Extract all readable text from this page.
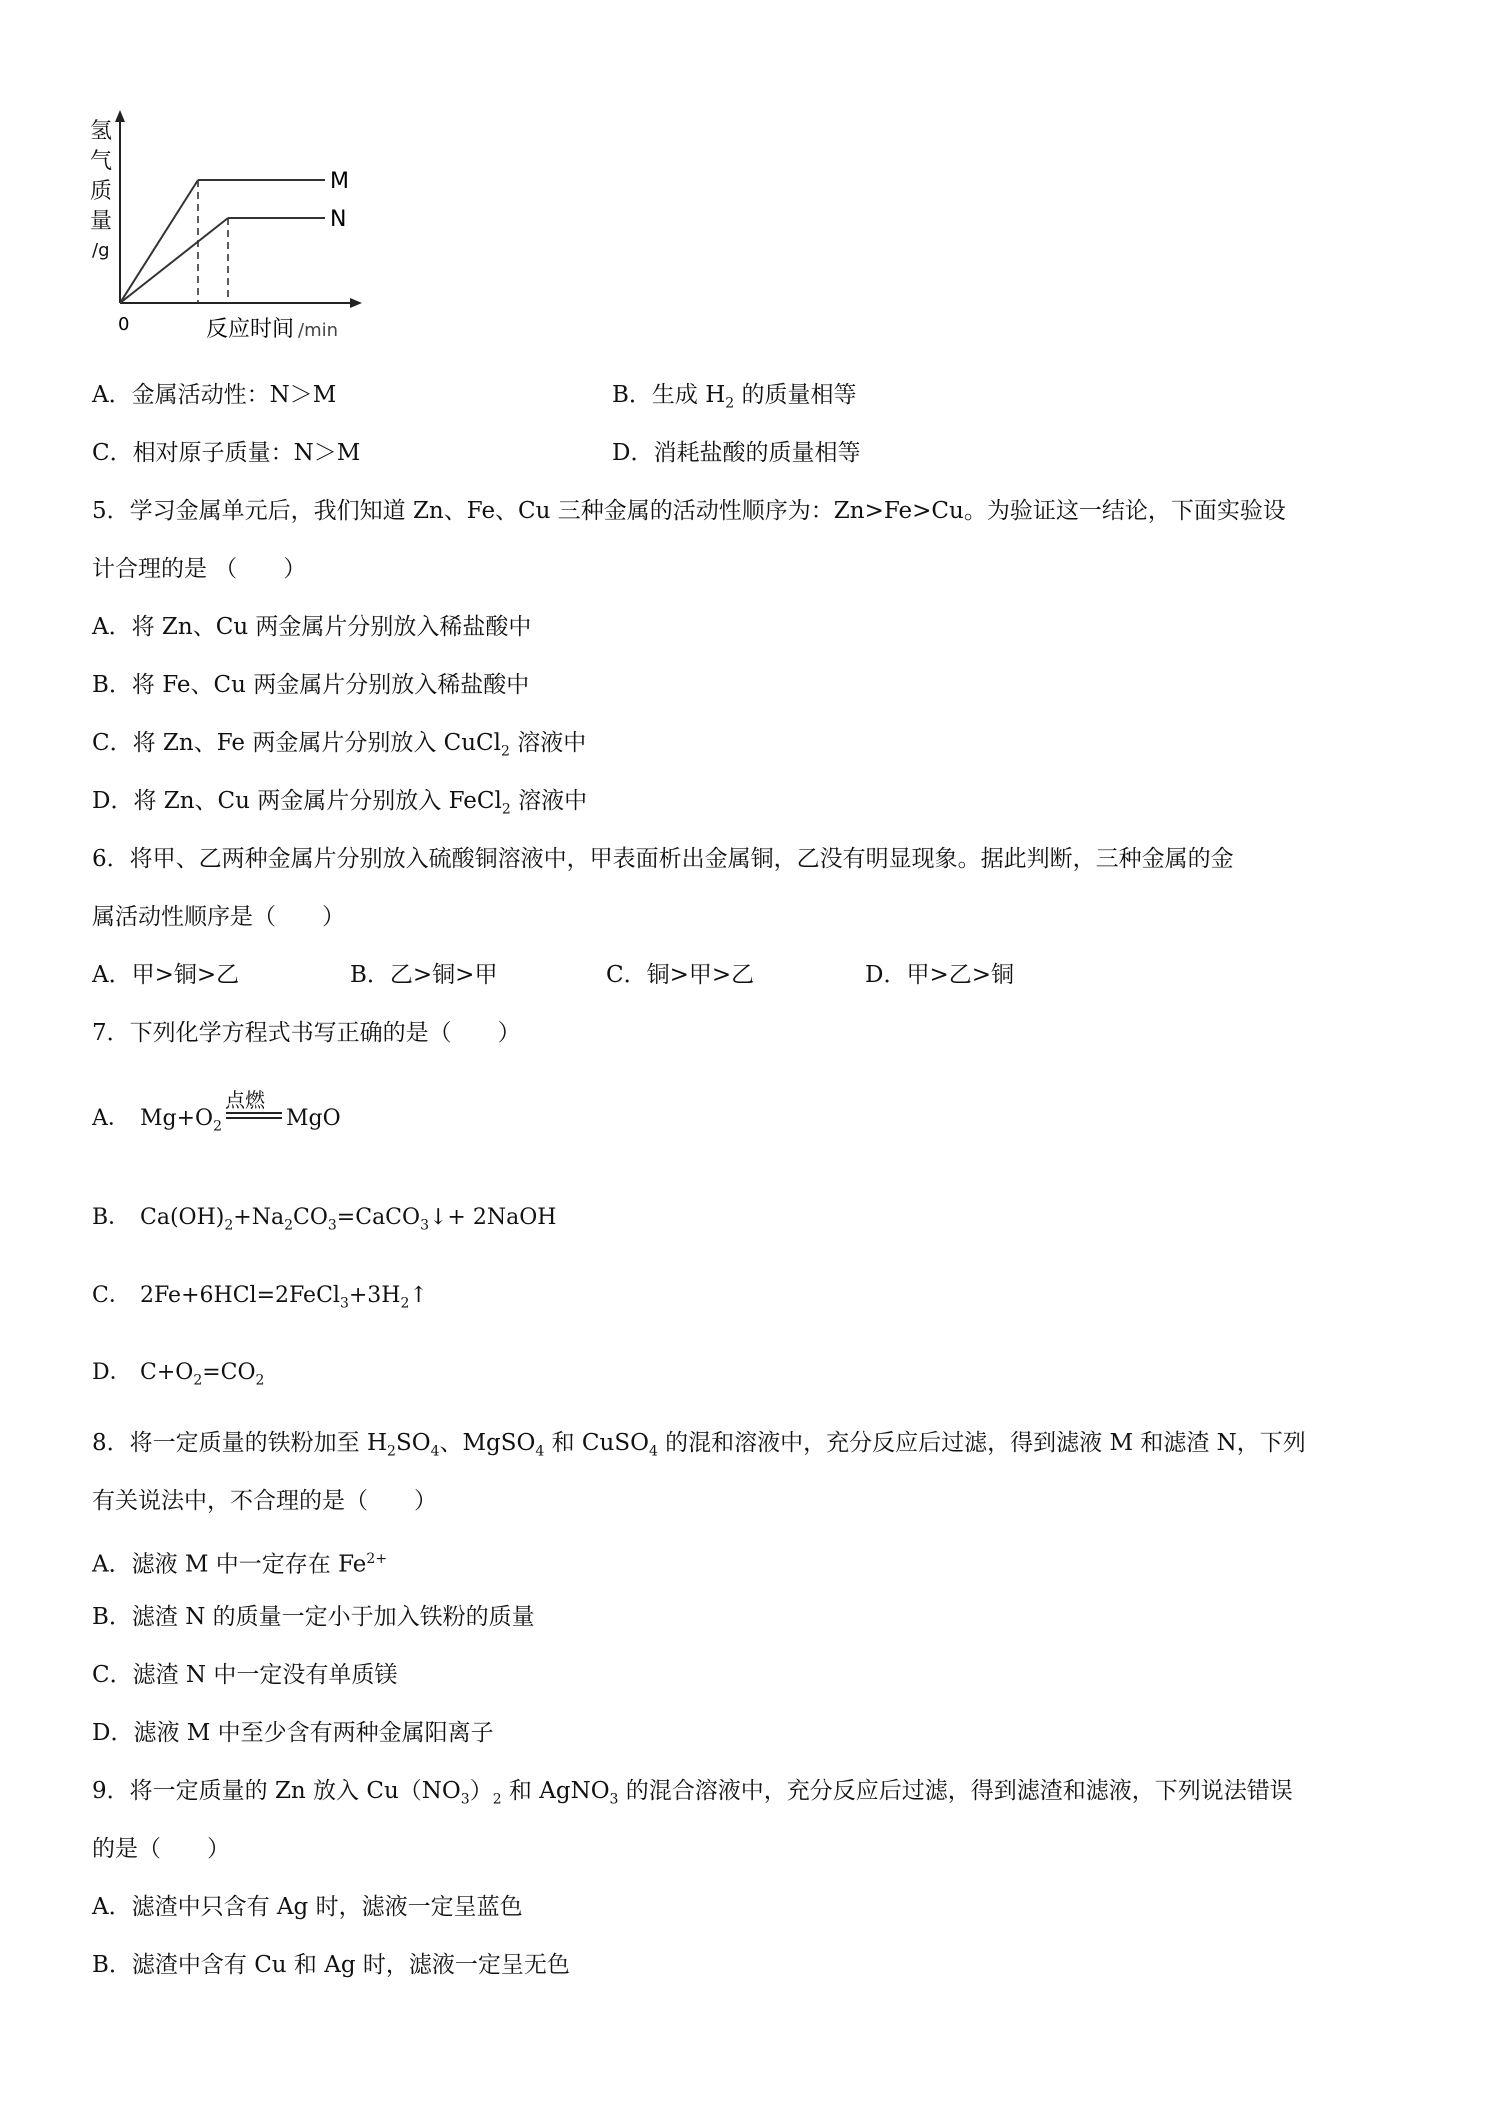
氢
气
质
量
/g
0	反应时间 /min
M
N
A．金属活动性：N＞M	B．生成 $H_2$ 的质量相等
C．相对原子质量：N＞M	D．消耗盐酸的质量相等
5．学习金属单元后，我们知道 Zn、Fe、Cu 三种金属的活动性顺序为：Zn>Fe>Cu。为验证这一结论，下面实验设
计合理的是 （　　）
A．将 Zn、Cu 两金属片分别放入稀盐酸中
B．将 Fe、Cu 两金属片分别放入稀盐酸中
C．将 Zn、Fe 两金属片分别放入 CuCl$_2$ 溶液中
D．将 Zn、Cu 两金属片分别放入 FeCl$_2$ 溶液中
6．将甲、乙两种金属片分别放入硫酸铜溶液中，甲表面析出金属铜，乙没有明显现象。据此判断，三种金属的金
属活动性顺序是（　　）
A．甲>铜>乙	B．乙>铜>甲	C．铜>甲>乙	D．甲>乙>铜
7．下列化学方程式书写正确的是（　　）
A． $Mg+O_2$	MgO
点燃
B． $Ca(OH)_2+Na_2CO_3=CaCO_3↓+$ 2NaOH
C． $2Fe+6HCl=2FeCl_3+3H_2↑$
D． $C+O_2=CO_2$
8．将一定质量的铁粉加至 $H_2SO_4$、MgSO$_4$ 和 CuSO$_4$ 的混和溶液中，充分反应后过滤，得到滤液 M 和滤渣 N，下列
有关说法中，不合理的是（　　）
A．滤液 M 中一定存在 $Fe^{2+}$
B．滤渣 N 的质量一定小于加入铁粉的质量
C．滤渣 N 中一定没有单质镁
D．滤液 M 中至少含有两种金属阳离子
9．将一定质量的 Zn 放入 $Cu(NO_3)_2$ 和 AgNO$_3$ 的混合溶液中，充分反应后过滤，得到滤渣和滤液，下列说法错误
的是（　　）
A．滤渣中只含有 Ag 时，滤液一定呈蓝色
B．滤渣中含有 Cu 和 Ag 时，滤液一定呈无色
